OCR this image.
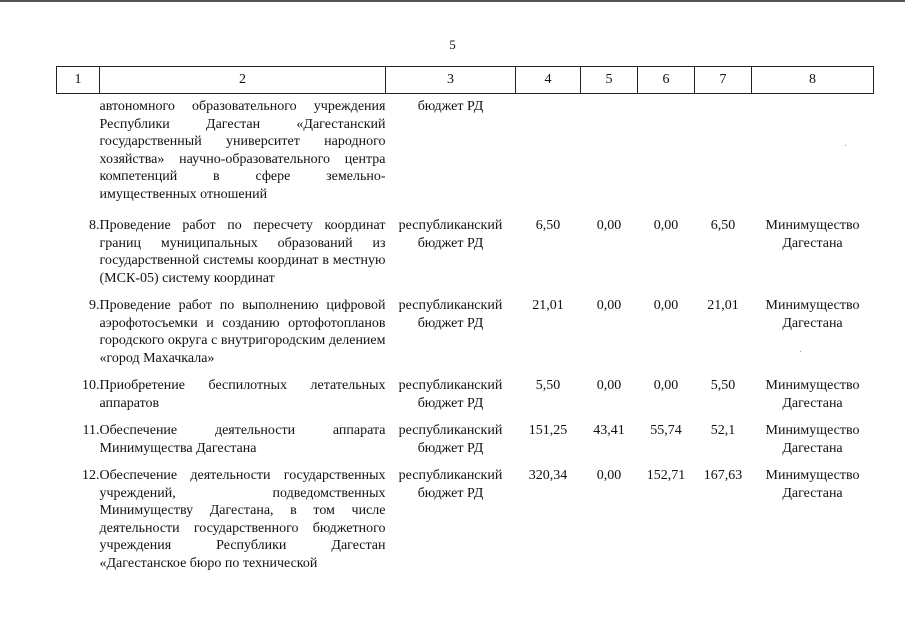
5
1	2	3	4	5	6	7	8
	автономного образовательного учреждения Республики Дагестан «Дагестанский государственный университет народного хозяйства» научно-образовательного центра компетенций в сфере земельно-имущественных отношений	бюджет РД					
8.	Проведение работ по пересчету координат границ муниципальных образований из государственной системы координат в местную (МСК-05) систему координат	республиканский бюджет РД	6,50	0,00	0,00	6,50	Минимущество Дагестана
9.	Проведение работ по выполнению цифровой аэрофотосъемки и созданию ортофотопланов городского округа с внутригородским делением «город Махачкала»	республиканский бюджет РД	21,01	0,00	0,00	21,01	Минимущество Дагестана
10.	Приобретение беспилотных летательных аппаратов	республиканский бюджет РД	5,50	0,00	0,00	5,50	Минимущество Дагестана
11.	Обеспечение деятельности аппарата Минимущества Дагестана	республиканский бюджет РД	151,25	43,41	55,74	52,1	Минимущество Дагестана
12.	Обеспечение деятельности государственных учреждений, подведомственных Минимуществу Дагестана, в том числе деятельности государственного бюджетного учреждения Республики Дагестан «Дагестанское бюро по технической	республиканский бюджет РД	320,34	0,00	152,71	167,63	Минимущество Дагестана
·
·
